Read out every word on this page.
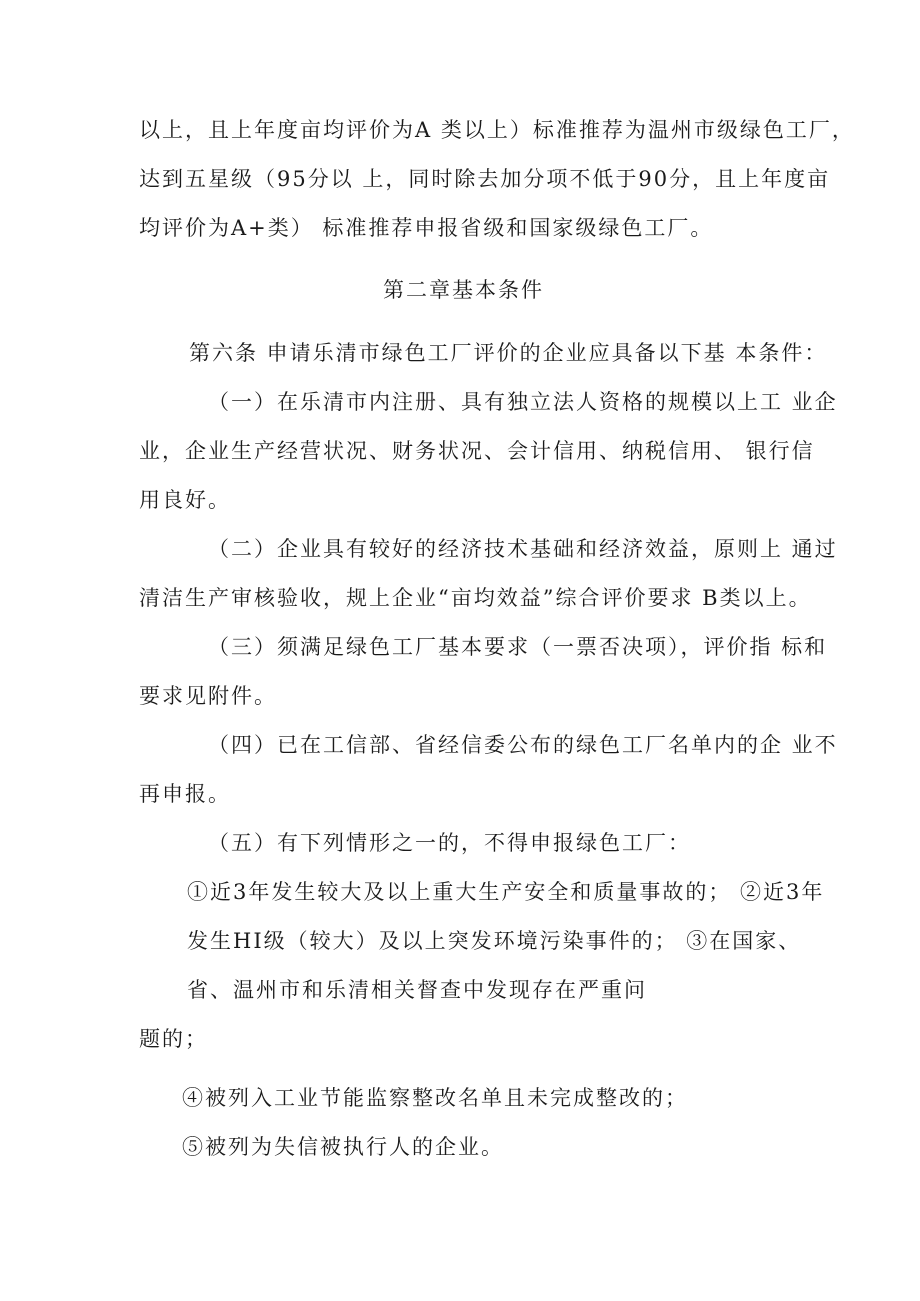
以上，且上年度亩均评价为A 类以上）标准推荐为温州市级绿色工厂，
达到五星级（95分以 上，同时除去加分项不低于90分，且上年度亩
均评价为A+类） 标准推荐申报省级和国家级绿色工厂。
第二章基本条件
第六条 申请乐清市绿色工厂评价的企业应具备以下基 本条件：
（一）在乐清市内注册、具有独立法人资格的规模以上工 业企
业，企业生产经营状况、财务状况、会计信用、纳税信用、 银行信
用良好。
（二）企业具有较好的经济技术基础和经济效益，原则上 通过
清洁生产审核验收，规上企业“亩均效益”综合评价要求 B类以上。
（三）须满足绿色工厂基本要求（一票否决项），评价指 标和
要求见附件。
（四）已在工信部、省经信委公布的绿色工厂名单内的企 业不
再申报。
（五）有下列情形之一的，不得申报绿色工厂：
①近3年发生较大及以上重大生产安全和质量事故的； ②近3年
发生HI级（较大）及以上突发环境污染事件的； ③在国家、
省、温州市和乐清相关督查中发现存在严重问
题的；
④被列入工业节能监察整改名单且未完成整改的；
⑤被列为失信被执行人的企业。
